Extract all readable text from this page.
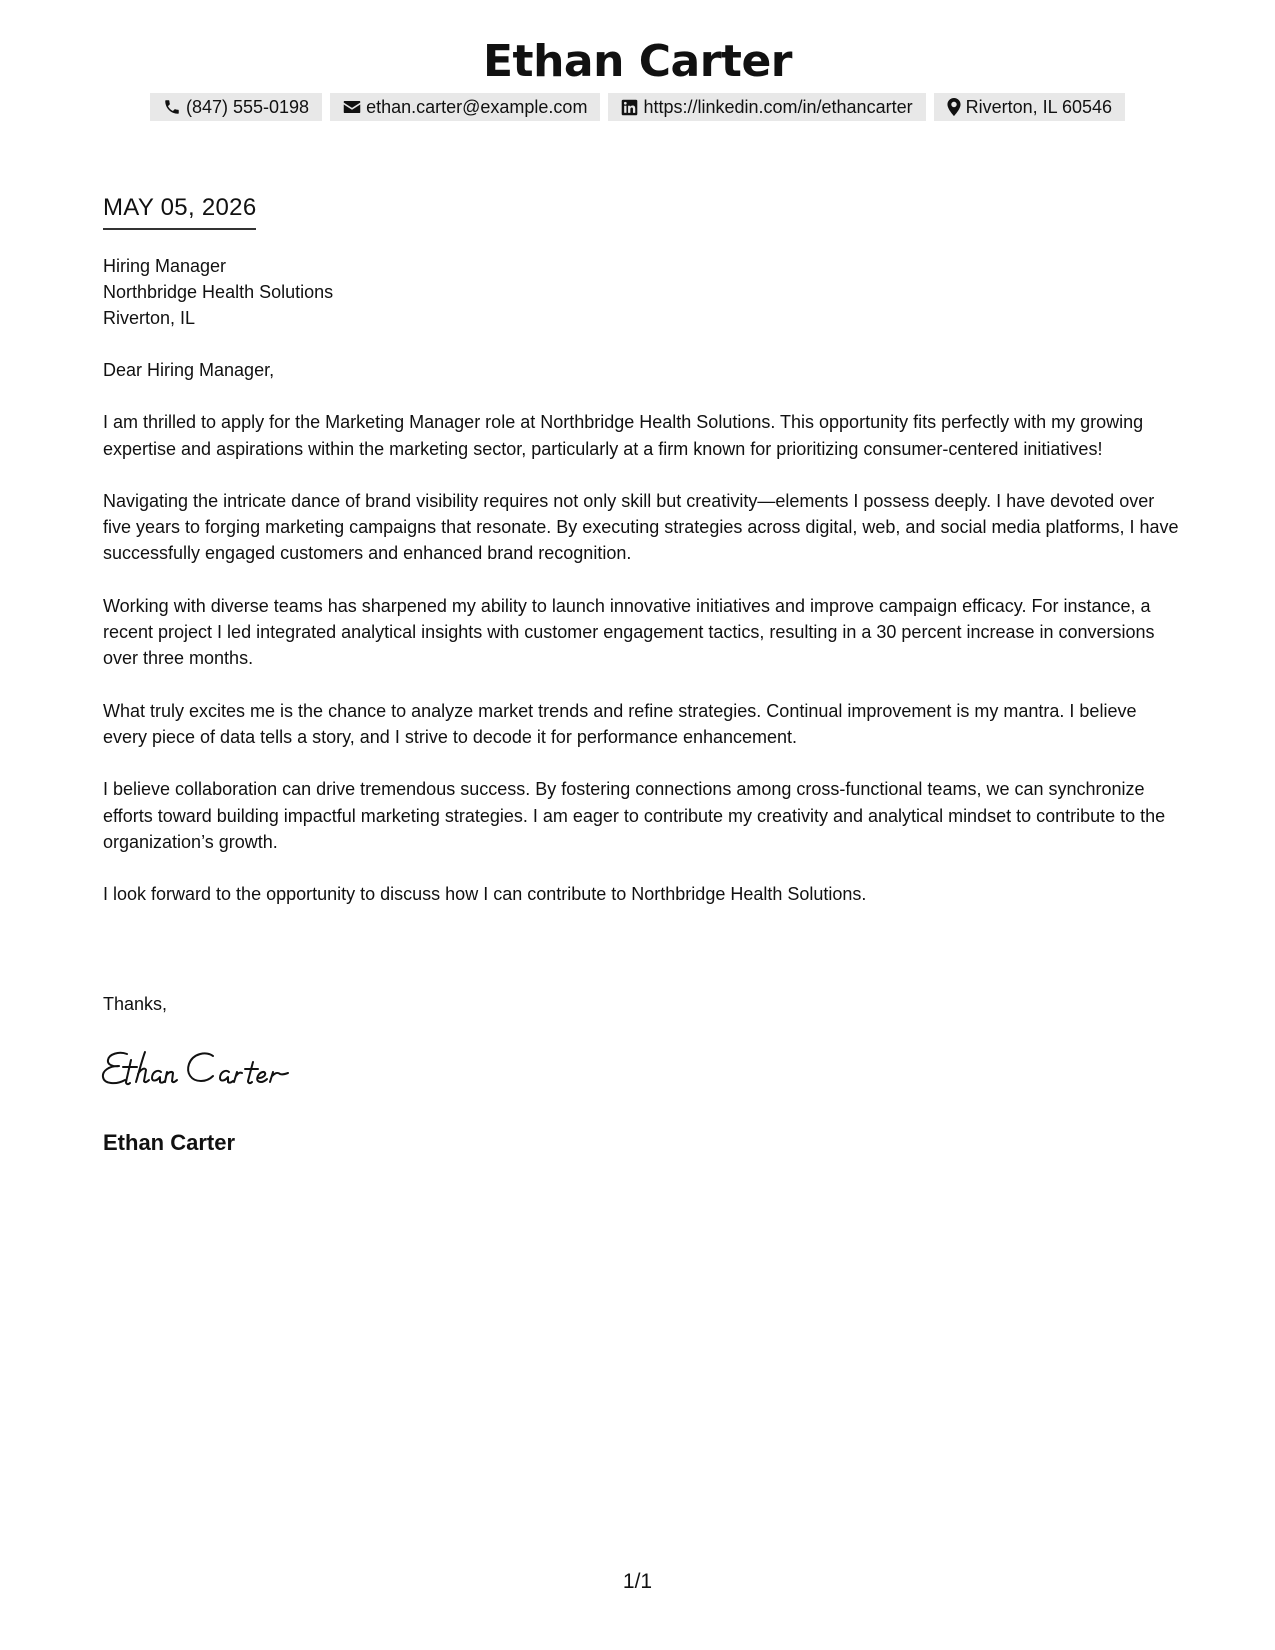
Ethan Carter
(847) 555-0198	ethan.carter@example.com	https://linkedin.com/in/ethancarter	Riverton, IL 60546
MAY 05, 2026
Hiring Manager
Northbridge Health Solutions
Riverton, IL

Dear Hiring Manager,

I am thrilled to apply for the Marketing Manager role at Northbridge Health Solutions. This opportunity fits perfectly with my growing expertise and aspirations within the marketing sector, particularly at a firm known for prioritizing consumer-centered initiatives!

Navigating the intricate dance of brand visibility requires not only skill but creativity—elements I possess deeply. I have devoted over five years to forging marketing campaigns that resonate. By executing strategies across digital, web, and social media platforms, I have successfully engaged customers and enhanced brand recognition.

Working with diverse teams has sharpened my ability to launch innovative initiatives and improve campaign efficacy. For instance, a recent project I led integrated analytical insights with customer engagement tactics, resulting in a 30 percent increase in conversions over three months.

What truly excites me is the chance to analyze market trends and refine strategies. Continual improvement is my mantra. I believe every piece of data tells a story, and I strive to decode it for performance enhancement.

I believe collaboration can drive tremendous success. By fostering connections among cross-functional teams, we can synchronize efforts toward building impactful marketing strategies. I am eager to contribute my creativity and analytical mindset to contribute to the organization’s growth.

I look forward to the opportunity to discuss how I can contribute to Northbridge Health Solutions.

Thanks,
Ethan Carter
1/1
